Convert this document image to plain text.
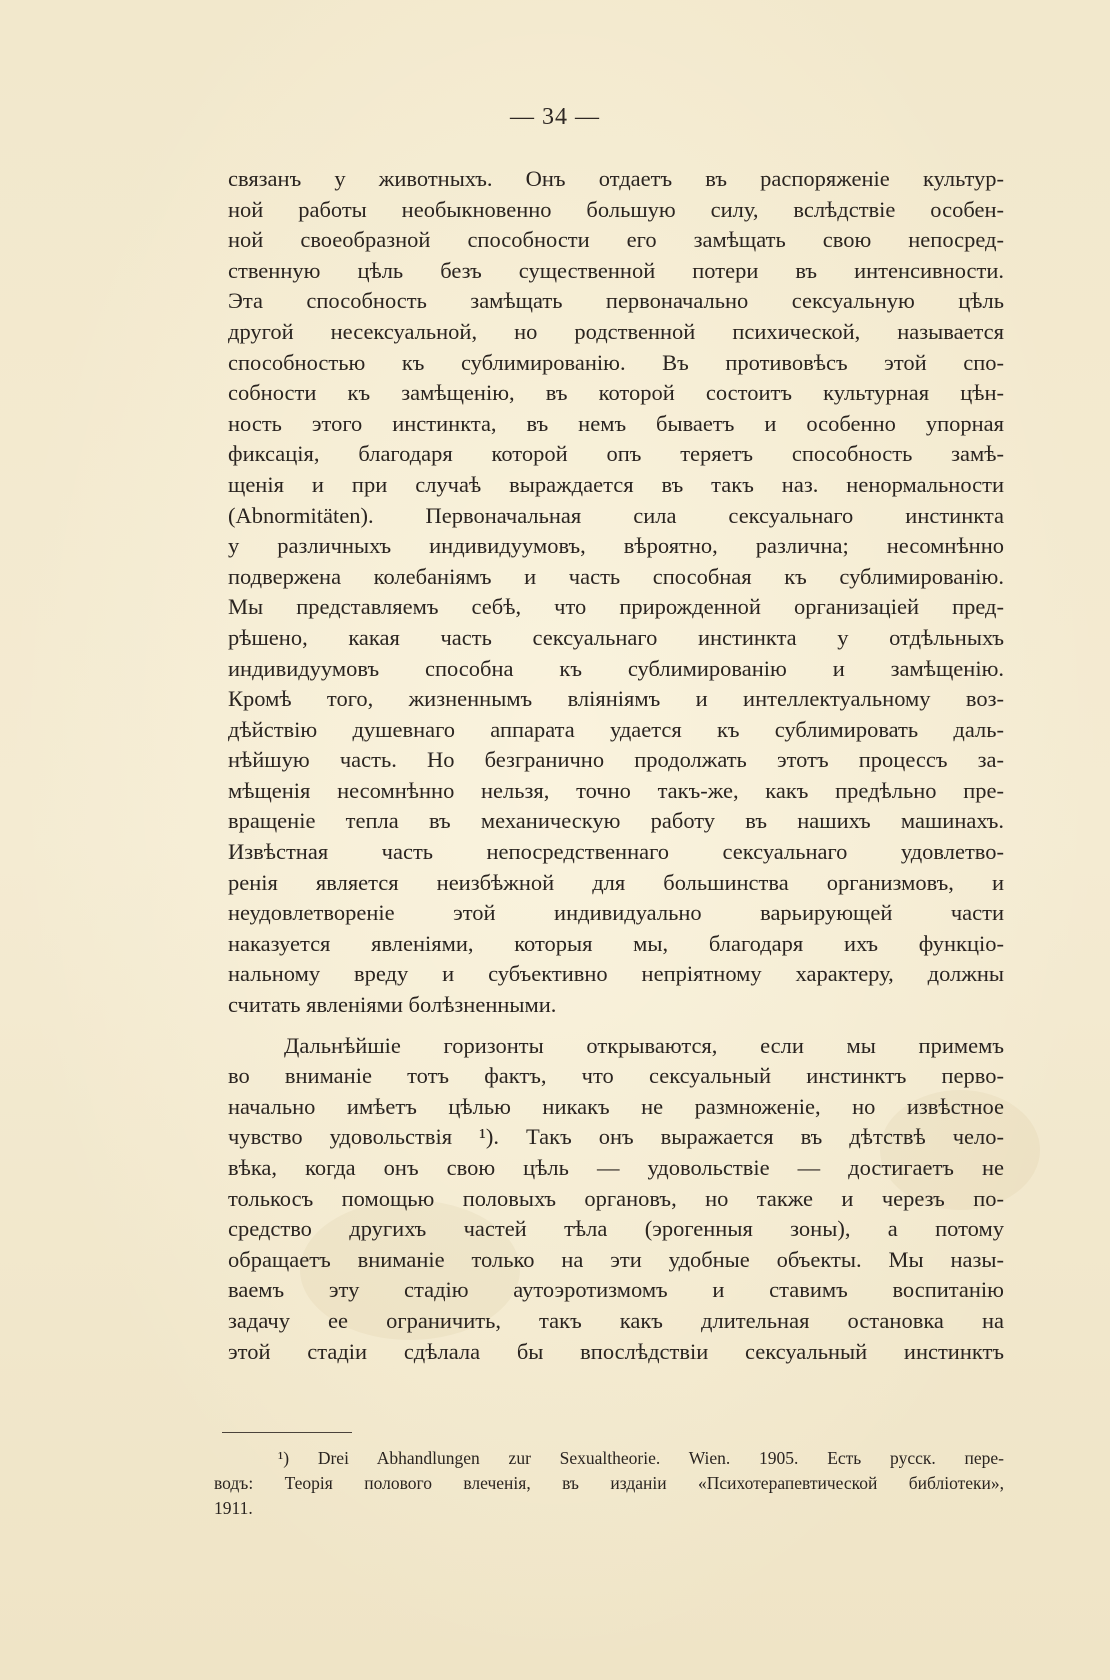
— 34 —
связанъ у животныхъ. Онъ отдаетъ въ распоряженіе культур-
ной работы необыкновенно большую силу, вслѣдствіе особен-
ной своеобразной способности его замѣщать свою непосред-
ственную цѣль безъ существенной потери въ интенсивности.
Эта способность замѣщать первоначально сексуальную цѣль
другой несексуальной, но родственной психической, называется
способностью къ сублимированію. Въ противовѣсъ этой спо-
собности къ замѣщенію, въ которой состоитъ культурная цѣн-
ность этого инстинкта, въ немъ бываетъ и особенно упорная
фиксація, благодаря которой опъ теряетъ способность замѣ-
щенія и при случаѣ выраждается въ такъ наз. ненормальности
(Abnormitäten). Первоначальная сила сексуальнаго инстинкта
у различныхъ индивидуумовъ, вѣроятно, различна; несомнѣнно
подвержена колебаніямъ и часть способная къ сублимированію.
Мы представляемъ себѣ, что прирожденной организаціей пред-
рѣшено, какая часть сексуальнаго инстинкта у отдѣльныхъ
индивидуумовъ способна къ сублимированію и замѣщенію.
Кромѣ того, жизненнымъ вліяніямъ и интеллектуальному воз-
дѣйствію душевнаго аппарата удается къ сублимировать даль-
нѣйшую часть. Но безгранично продолжать этотъ процессъ за-
мѣщенія несомнѣнно нельзя, точно такъ-же, какъ предѣльно пре-
вращеніе тепла въ механическую работу въ нашихъ машинахъ.
Извѣстная часть непосредственнаго сексуальнаго удовлетво-
ренія является неизбѣжной для большинства организмовъ, и
неудовлетвореніе этой индивидуально варьирующей части
наказуется явленіями, которыя мы, благодаря ихъ функціо-
нальному вреду и субъективно непріятному характеру, должны
считать явленіями болѣзненными.
Дальнѣйшіе горизонты открываются, если мы примемъ
во вниманіе тотъ фактъ, что сексуальный инстинктъ перво-
начально имѣетъ цѣлью никакъ не размноженіе, но извѣстное
чувство удовольствія ¹). Такъ онъ выражается въ дѣтствѣ чело-
вѣка, когда онъ свою цѣль — удовольствіе — достигаетъ не
толькосъ помощью половыхъ органовъ, но также и черезъ по-
средство другихъ частей тѣла (эрогенныя зоны), а потому
обращаетъ вниманіе только на эти удобные объекты. Мы назы-
ваемъ эту стадію аутоэротизмомъ и ставимъ воспитанію
задачу ее ограничить, такъ какъ длительная остановка на
этой стадіи сдѣлала бы впослѣдствіи сексуальный инстинктъ
¹) Drei Abhandlungen zur Sexualtheorie. Wien. 1905. Есть русск. пере-
водъ: Теорія полового влеченія, въ изданіи «Психотерапевтической библіотеки»,
1911.
